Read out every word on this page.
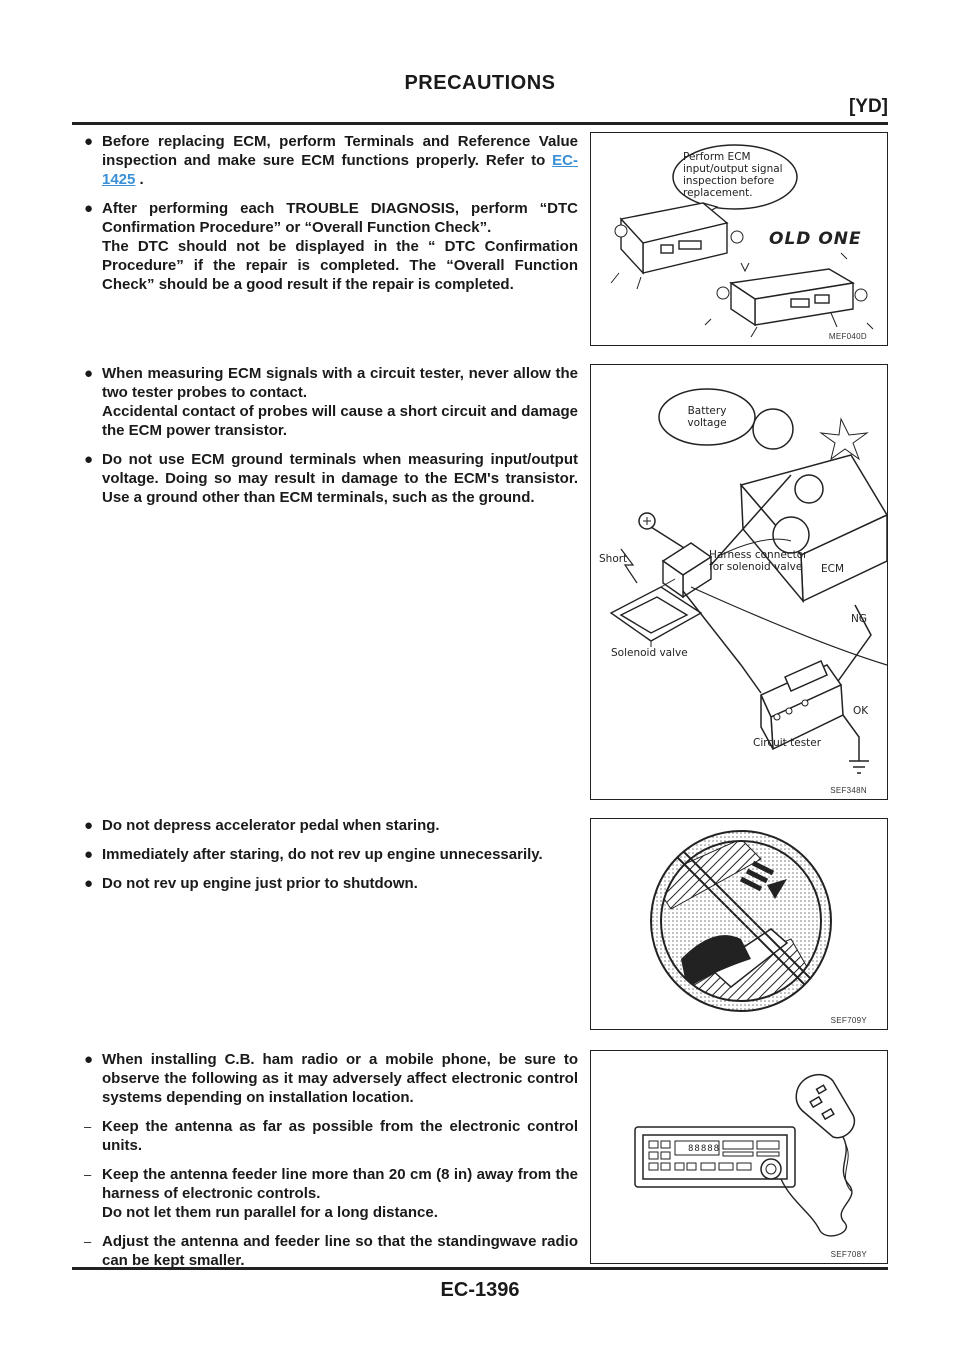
PRECAUTIONS
[YD]
● Before replacing ECM, perform Terminals and Reference Value inspection and make sure ECM functions properly. Refer to EC-1425 .
● After performing each TROUBLE DIAGNOSIS, perform “DTC Confirmation Procedure” or “Overall Function Check”.
The DTC should not be displayed in the “ DTC Confirmation Procedure” if the repair is completed. The “Overall Function Check” should be a good result if the repair is completed.
Perform ECM input/output signal inspection before replacement.
OLD ONE
MEF040D
● When measuring ECM signals with a circuit tester, never allow the two tester probes to contact.
Accidental contact of probes will cause a short circuit and damage the ECM power transistor.
● Do not use ECM ground terminals when measuring input/output voltage. Doing so may result in damage to the ECM's transistor. Use a ground other than ECM terminals, such as the ground.
Battery voltage
Short	Harness connector for solenoid valve	ECM
NG
Solenoid valve
OK
Circuit tester
SEF348N
● Do not depress accelerator pedal when staring.
● Immediately after staring, do not rev up engine unnecessarily.
● Do not rev up engine just prior to shutdown.
SEF709Y
● When installing C.B. ham radio or a mobile phone, be sure to observe the following as it may adversely affect electronic control systems depending on installation location.
– Keep the antenna as far as possible from the electronic control units.
– Keep the antenna feeder line more than 20 cm (8 in) away from the harness of electronic controls.
Do not let them run parallel for a long distance.
– Adjust the antenna and feeder line so that the standingwave radio can be kept smaller.
88888
SEF708Y
EC-1396
